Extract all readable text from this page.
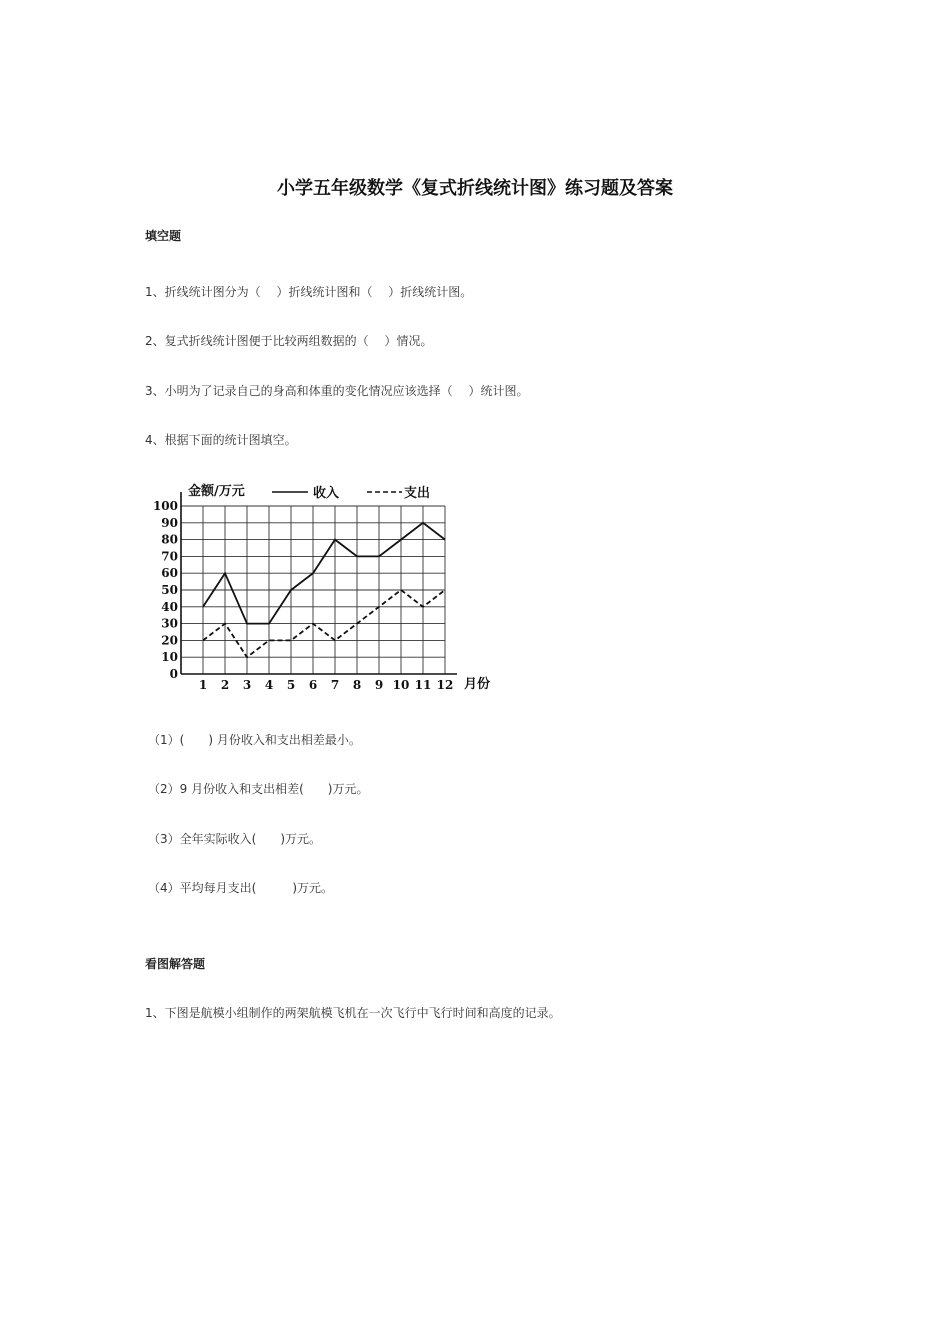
小学五年级数学《复式折线统计图》练习题及答案
填空题
1、折线统计图分为（　 ）折线统计图和（　 ）折线统计图。
2、复式折线统计图便于比较两组数据的（　 ）情况。
3、小明为了记录自己的身高和体重的变化情况应该选择（　 ）统计图。
4、根据下面的统计图填空。
0
10
20
30
40
50
60
70
80
90
100
1 2 3 4 5 6 7 8 9 10 11 12
金额/万元
月份
收入	支出
（1）(　　) 月份收入和支出相差最小。
（2）9 月份收入和支出相差(　　)万元。
（3）全年实际收入(　　)万元。
（4）平均每月支出(　　　)万元。
看图解答题
1、下图是航模小组制作的两架航模飞机在一次飞行中飞行时间和高度的记录。
